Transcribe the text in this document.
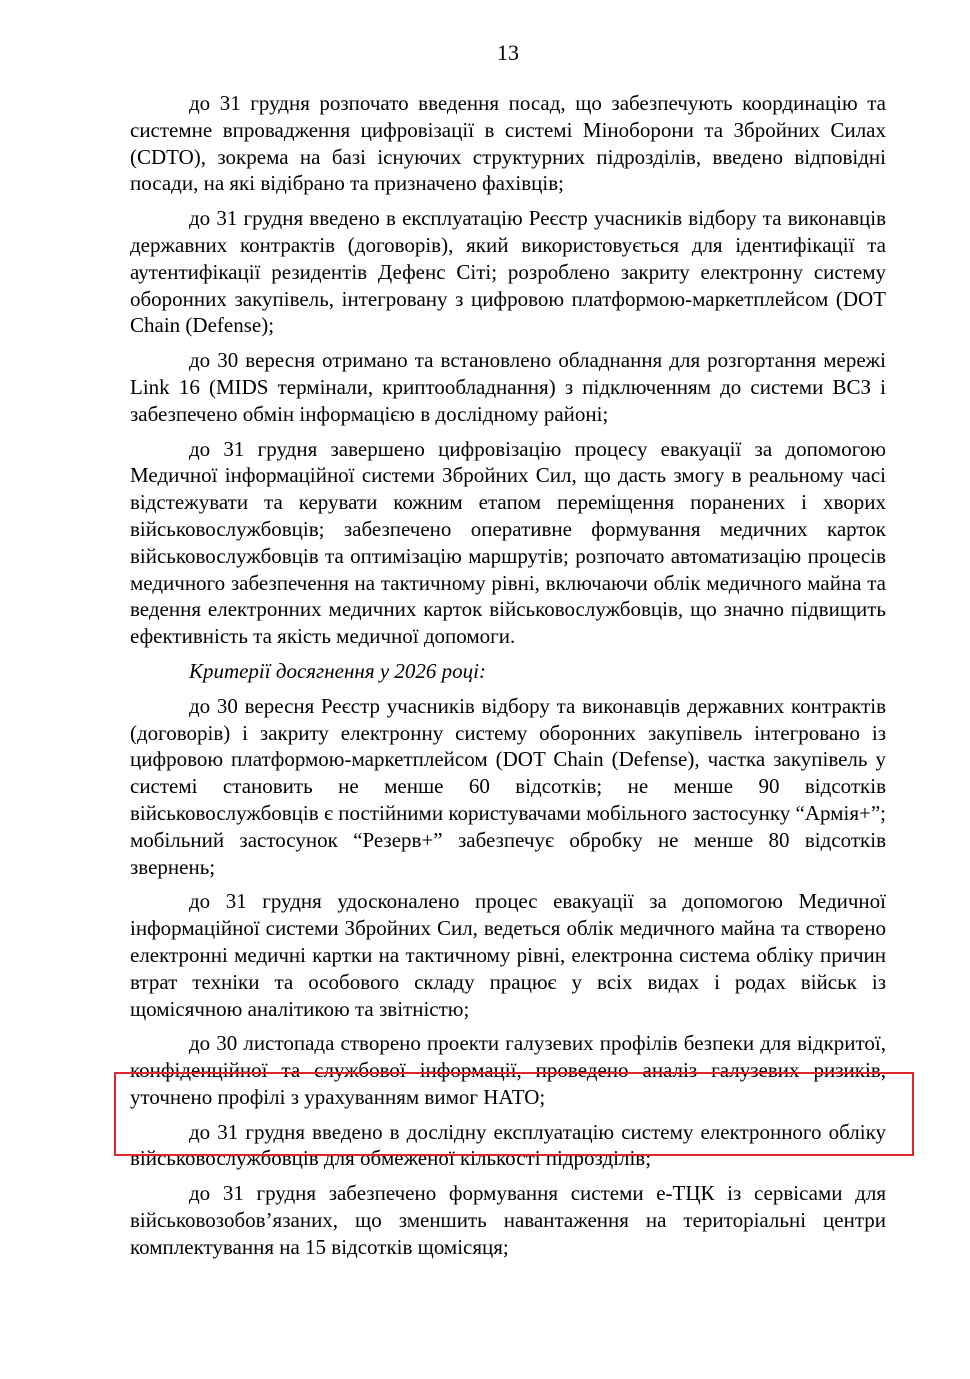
13

до 31 грудня розпочато введення посад, що забезпечують координацію та системне впровадження цифровізації в системі Міноборони та Збройних Силах (CDTO), зокрема на базі існуючих структурних підрозділів, введено відповідні посади, на які відібрано та призначено фахівців;

до 31 грудня введено в експлуатацію Реєстр учасників відбору та виконавців державних контрактів (договорів), який використовується для ідентифікації та аутентифікації резидентів Дефенс Сіті; розроблено закриту електронну систему оборонних закупівель, інтегровану з цифровою платформою-маркетплейсом (DOT Chain (Defense);

до 30 вересня отримано та встановлено обладнання для розгортання мережі Link 16 (MIDS термінали, криптообладнання) з підключенням до системи ВСЗ і забезпечено обмін інформацією в дослідному районі;

до 31 грудня завершено цифровізацію процесу евакуації за допомогою Медичної інформаційної системи Збройних Сил, що дасть змогу в реальному часі відстежувати та керувати кожним етапом переміщення поранених і хворих військовослужбовців; забезпечено оперативне формування медичних карток військовослужбовців та оптимізацію маршрутів; розпочато автоматизацію процесів медичного забезпечення на тактичному рівні, включаючи облік медичного майна та ведення електронних медичних карток військовослужбовців, що значно підвищить ефективність та якість медичної допомоги.

Критерії досягнення у 2026 році:

до 30 вересня Реєстр учасників відбору та виконавців державних контрактів (договорів) і закриту електронну систему оборонних закупівель інтегровано із цифровою платформою-маркетплейсом (DOT Chain (Defense), частка закупівель у системі становить не менше 60 відсотків; не менше 90 відсотків військовослужбовців є постійними користувачами мобільного застосунку “Армія+”; мобільний застосунок “Резерв+” забезпечує обробку не менше 80 відсотків звернень;

до 31 грудня удосконалено процес евакуації за допомогою Медичної інформаційної системи Збройних Сил, ведеться облік медичного майна та створено електронні медичні картки на тактичному рівні, електронна система обліку причин втрат техніки та особового складу працює у всіх видах і родах військ із щомісячною аналітикою та звітністю;

до 30 листопада створено проекти галузевих профілів безпеки для відкритої, конфіденційної та службової інформації, проведено аналіз галузевих ризиків, уточнено профілі з урахуванням вимог НАТО;

до 31 грудня введено в дослідну експлуатацію систему електронного обліку військовослужбовців для обмеженої кількості підрозділів;

до 31 грудня забезпечено формування системи е-ТЦК із сервісами для військовозобов’язаних, що зменшить навантаження на територіальні центри комплектування на 15 відсотків щомісяця;
